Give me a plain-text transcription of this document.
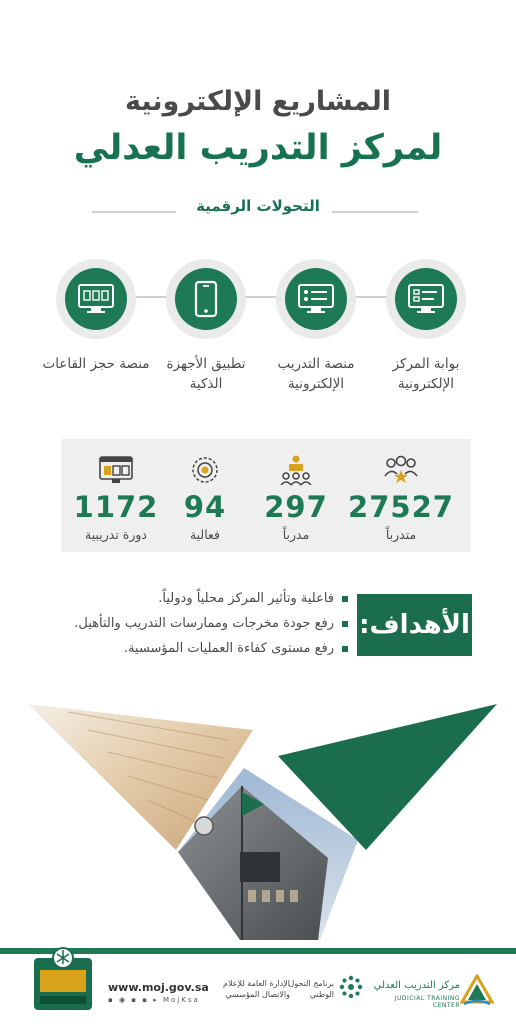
المشاريع الإلكترونية
لمركز التدريب العدلي
التحولات الرقمية
بوابة المركز الإلكترونية
منصة التدريب الإلكترونية
تطبيق الأجهزة الذكية
منصة حجز القاعات
27527
متدرباً
297
مدرباً
94
فعالية
1172
دورة تدريبية
الأهداف:
فاعلية وتأثير المركز محلياً ودولياً.
رفع جودة مخرجات وممارسات التدريب والتأهيل.
رفع مستوى كفاءة العمليات المؤسسية.
www.moj.gov.sa
▪ ◉ ▪ ▪ ▸ MojKsa
الإدارة العامة للإعلام والاتصال المؤسسي
برنامج التحول الوطني
مركز التدريب العدلي
JUDICIAL TRAINING CENTER
